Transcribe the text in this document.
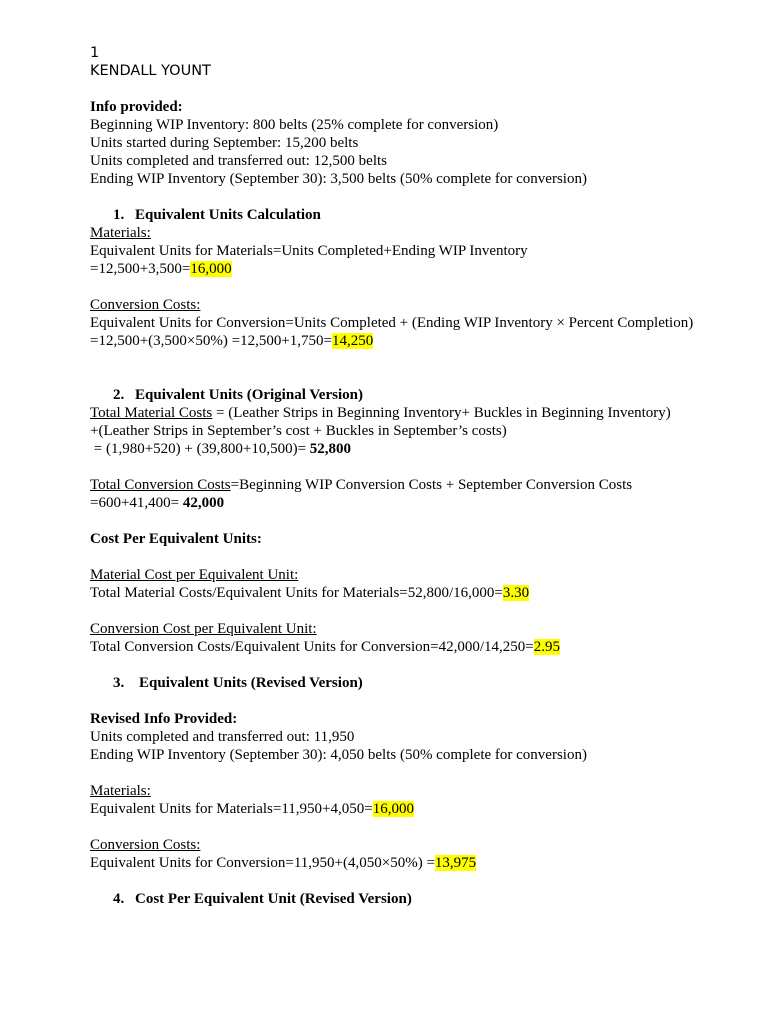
1
KENDALL YOUNT
Info provided:
Beginning WIP Inventory: 800 belts (25% complete for conversion)
Units started during September: 15,200 belts
Units completed and transferred out: 12,500 belts
Ending WIP Inventory (September 30): 3,500 belts (50% complete for conversion)
1. Equivalent Units Calculation
Materials:
Equivalent Units for Materials=Units Completed+Ending WIP Inventory
=12,500+3,500=16,000
Conversion Costs:
Equivalent Units for Conversion=Units Completed + (Ending WIP Inventory × Percent Completion)
=12,500+(3,500×50%) =12,500+1,750=14,250
2. Equivalent Units (Original Version)
Total Material Costs = (Leather Strips in Beginning Inventory+ Buckles in Beginning Inventory)
+(Leather Strips in September’s cost + Buckles in September’s costs)
= (1,980+520) + (39,800+10,500)= 52,800
Total Conversion Costs=Beginning WIP Conversion Costs + September Conversion Costs
=600+41,400= 42,000
Cost Per Equivalent Units:
Material Cost per Equivalent Unit:
Total Material Costs/Equivalent Units for Materials=52,800/16,000=3.30
Conversion Cost per Equivalent Unit:
Total Conversion Costs/Equivalent Units for Conversion=42,000/14,250=2.95
3. Equivalent Units (Revised Version)
Revised Info Provided:
Units completed and transferred out: 11,950
Ending WIP Inventory (September 30): 4,050 belts (50% complete for conversion)
Materials:
Equivalent Units for Materials=11,950+4,050=16,000
Conversion Costs:
Equivalent Units for Conversion=11,950+(4,050×50%) =13,975
4. Cost Per Equivalent Unit (Revised Version)
